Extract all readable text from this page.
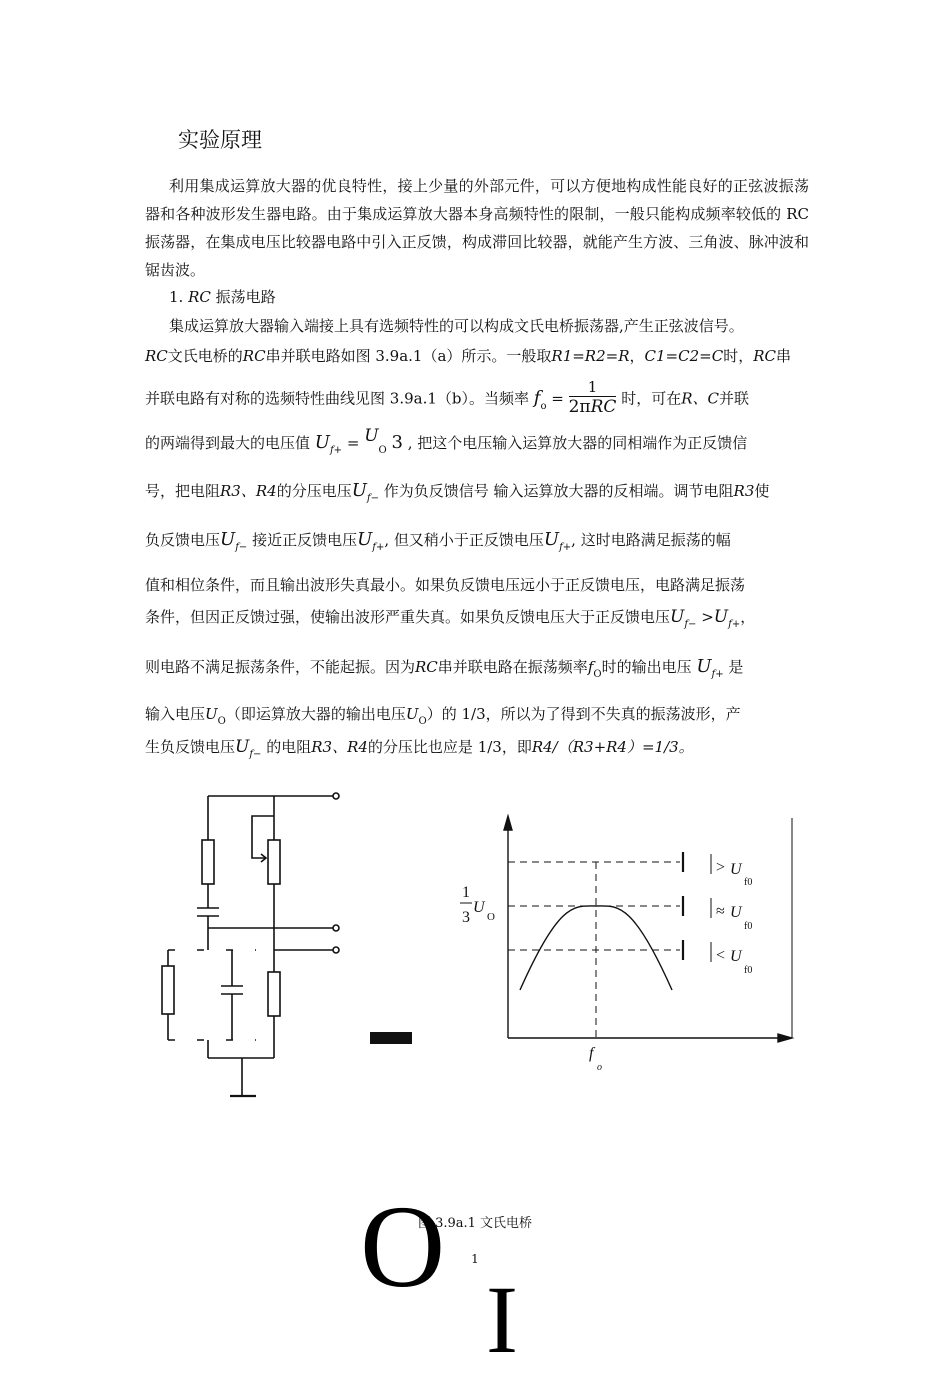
实验原理
利用集成运算放大器的优良特性，接上少量的外部元件，可以方便地构成性能良好的正弦波振荡器和各种波形发生器电路。由于集成运算放大器本身高频特性的限制，一般只能构成频率较低的 RC 振荡器，在集成电压比较器电路中引入正反馈，构成滞回比较器，就能产生方波、三角波、脉冲波和锯齿波。
1. RC 振荡电路
集成运算放大器输入端接上具有选频特性的可以构成文氏电桥振荡器,产生正弦波信号。
RC文氏电桥的RC串并联电路如图 3.9a.1（a）所示。一般取R1=R2=R，C1=C2=C时，RC串
并联电路有对称的选频特性曲线见图 3.9a.1（b）。当频率 $f_o = \frac{1}{\text{2πRC}}$ 时，可在R、C并联
的两端得到最大的电压值 $U_{f+} = U$
$_O$ 3 , 把这个电压输入运算放大器的同相端作为正反馈信
号，把电阻R3、R4的分压电压$U_{f-}$ 作为负反馈信号 输入运算放大器的反相端。调节电阻R3使
负反馈电压$U_{f-}$ 接近正反馈电压$U_{f+}$, 但又稍小于正反馈电压$U_{f+}$, 这时电路满足振荡的幅
值和相位条件，而且输出波形失真最小。如果负反馈电压远小于正反馈电压，电路满足振荡
条件，但因正反馈过强，使输出波形严重失真。如果负反馈电压大于正反馈电压$U_{f-} >U_{f+}$，
则电路不满足振荡条件，不能起振。因为RC串并联电路在振荡频率$f_O$时的输出电压 $U_{f+}$ 是
输入电压$U_O$（即运算放大器的输出电压$U_O$）的 1/3，所以为了得到不失真的振荡波形，产
生负反馈电压$U_{f-}$ 的电阻R3、R4的分压比也应是 1/3，即R4/（R3+R4）=1/3。
1
3
U
O
> U
f0
≈ U
f0
< U
f0
f
o
图 3.9a.1 文氏电桥
O
I
1
